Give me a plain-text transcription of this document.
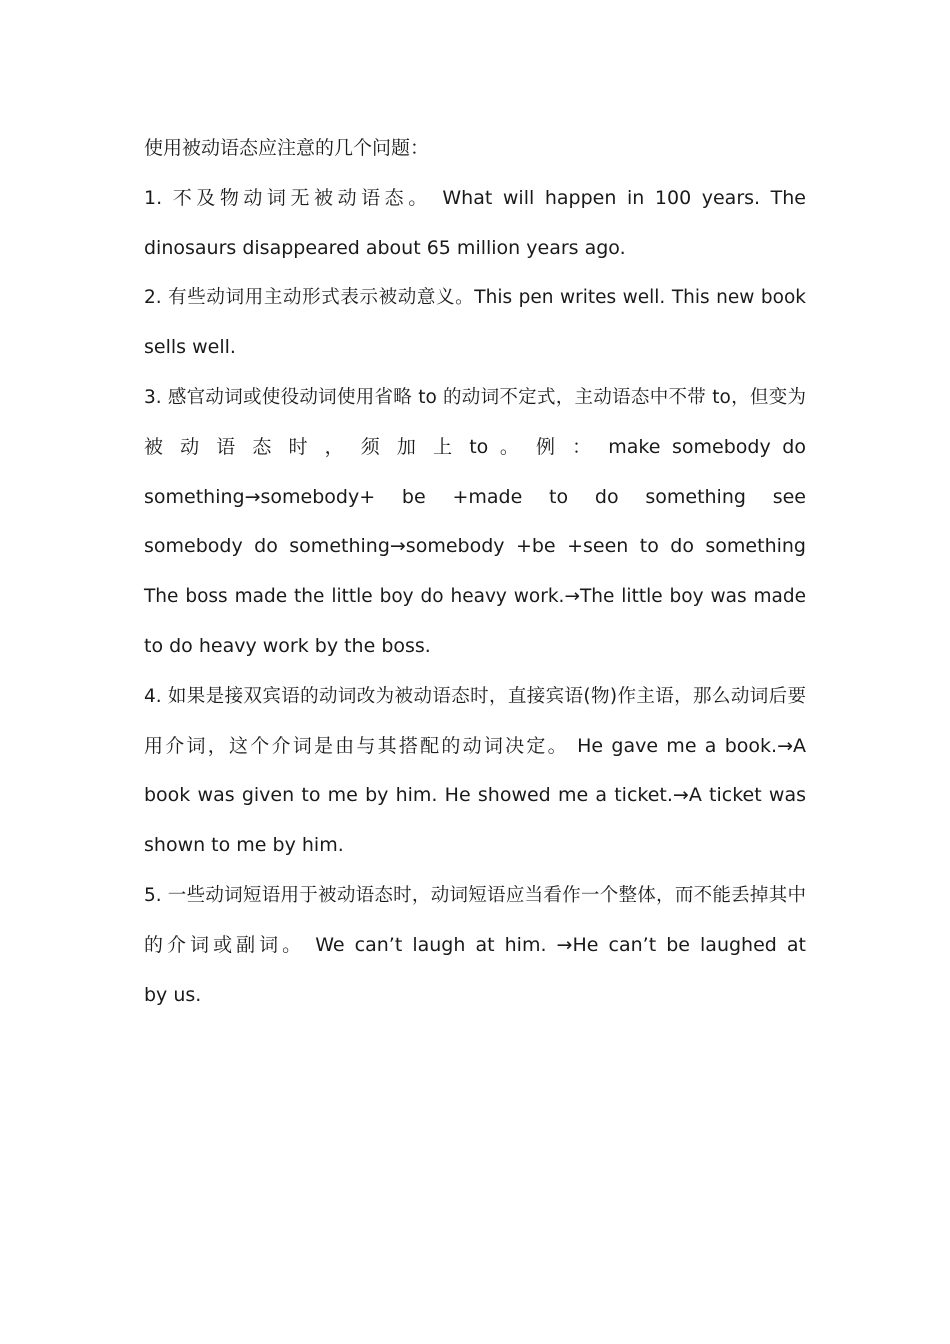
使用被动语态应注意的几个问题：
1. 不及物动词无被动语态。 What will happen in 100 years. The
dinosaurs disappeared about 65 million years ago.
2. 有些动词用主动形式表示被动意义。This pen writes well. This new book
sells well.
3. 感官动词或使役动词使用省略 to 的动词不定式，主动语态中不带 to，但变为
被 动 语 态 时 ， 须 加 上 to 。 例 ： make somebody do
something→somebody+ be +made to do something see
somebody do something→somebody +be +seen to do something
The boss made the little boy do heavy work.→The little boy was made
to do heavy work by the boss.
4. 如果是接双宾语的动词改为被动语态时，直接宾语(物)作主语，那么动词后要
用介词，这个介词是由与其搭配的动词决定。 He gave me a book.→A
book was given to me by him. He showed me a ticket.→A ticket was
shown to me by him.
5. 一些动词短语用于被动语态时，动词短语应当看作一个整体，而不能丢掉其中
的介词或副词。 We can’t laugh at him. →He can’t be laughed at
by us.
